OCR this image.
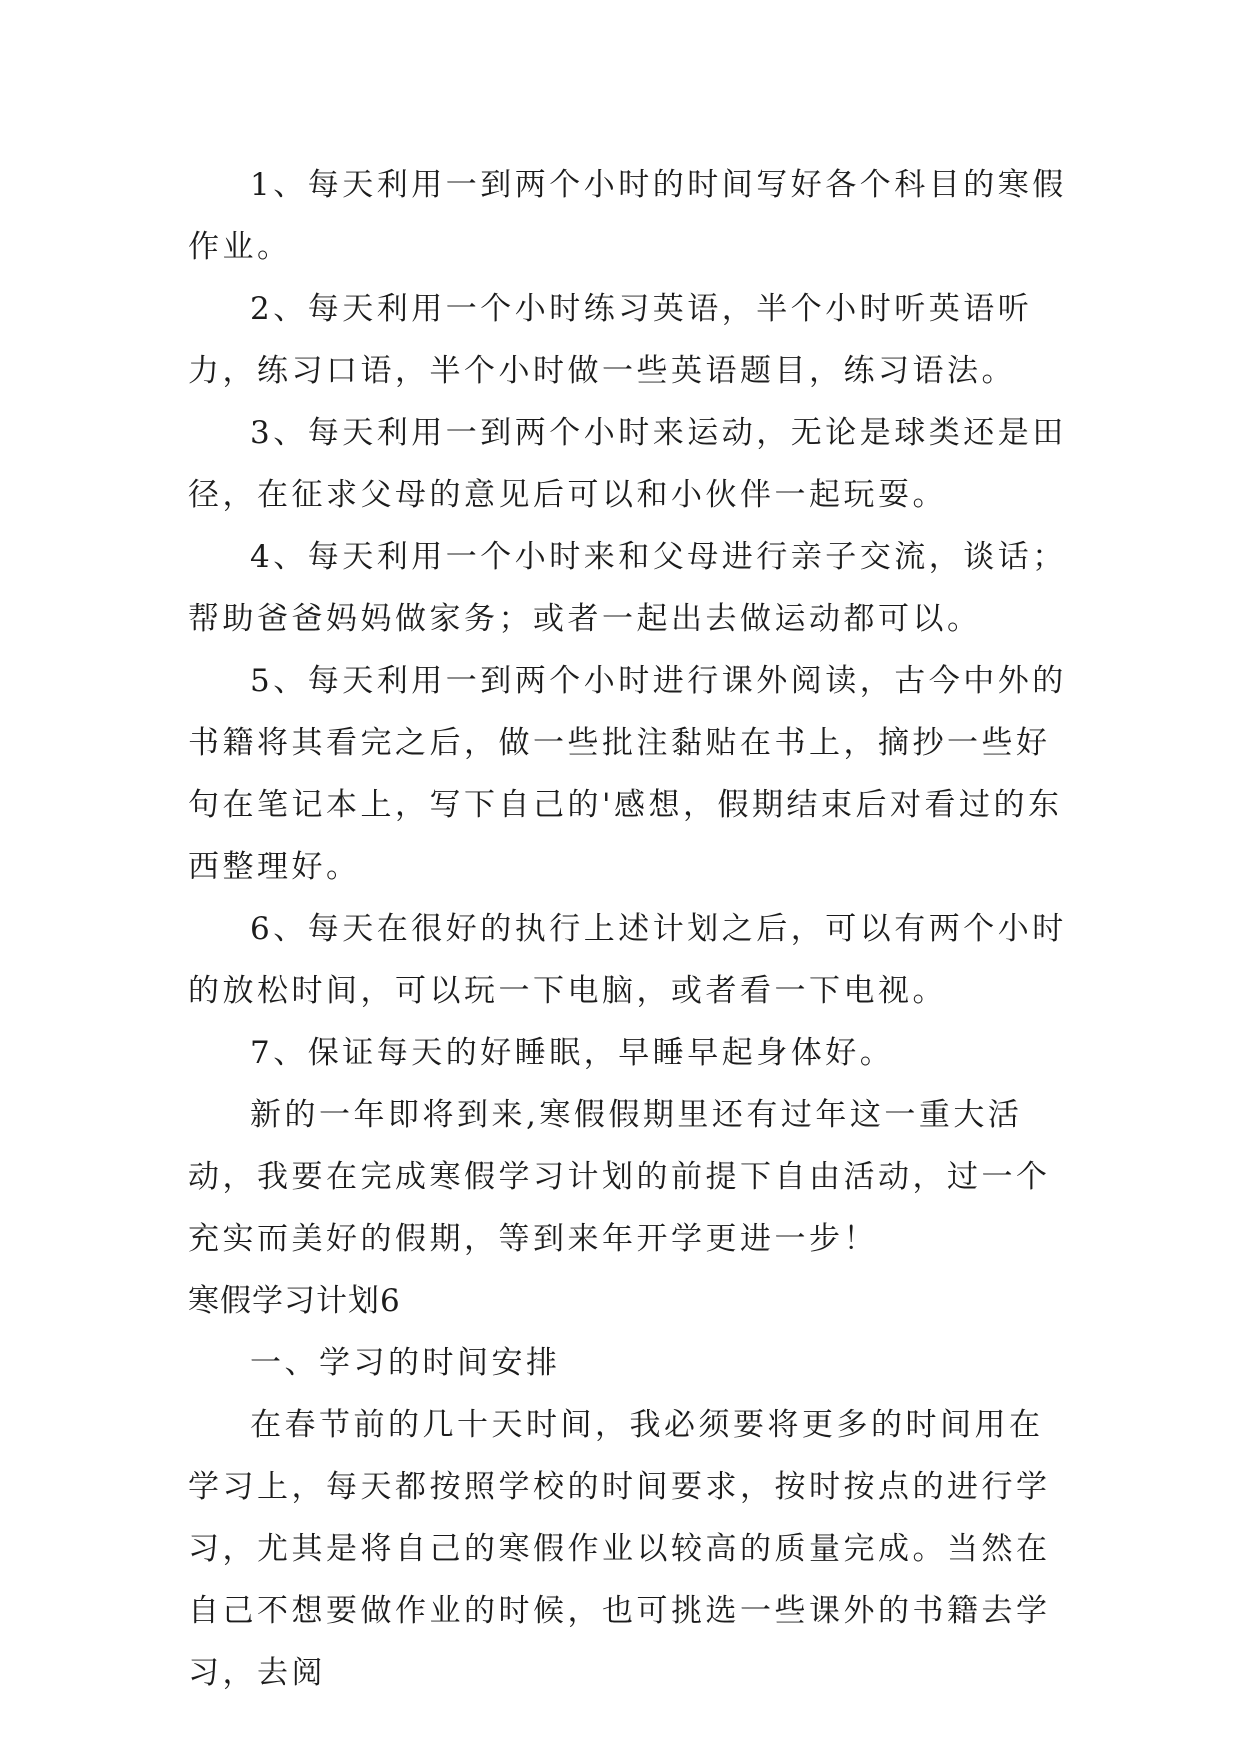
1、每天利用一到两个小时的时间写好各个科目的寒假作业。

2、每天利用一个小时练习英语，半个小时听英语听力，练习口语，半个小时做一些英语题目，练习语法。

3、每天利用一到两个小时来运动，无论是球类还是田径，在征求父母的意见后可以和小伙伴一起玩耍。

4、每天利用一个小时来和父母进行亲子交流，谈话；帮助爸爸妈妈做家务；或者一起出去做运动都可以。

5、每天利用一到两个小时进行课外阅读，古今中外的书籍将其看完之后，做一些批注黏贴在书上，摘抄一些好句在笔记本上，写下自己的'感想，假期结束后对看过的东西整理好。

6、每天在很好的执行上述计划之后，可以有两个小时的放松时间，可以玩一下电脑，或者看一下电视。

7、保证每天的好睡眠，早睡早起身体好。

新的一年即将到来,寒假假期里还有过年这一重大活动，我要在完成寒假学习计划的前提下自由活动，过一个充实而美好的假期，等到来年开学更进一步！

寒假学习计划6

一、学习的时间安排

在春节前的几十天时间，我必须要将更多的时间用在学习上，每天都按照学校的时间要求，按时按点的进行学习，尤其是将自己的寒假作业以较高的质量完成。当然在自己不想要做作业的时候，也可挑选一些课外的书籍去学习，去阅
